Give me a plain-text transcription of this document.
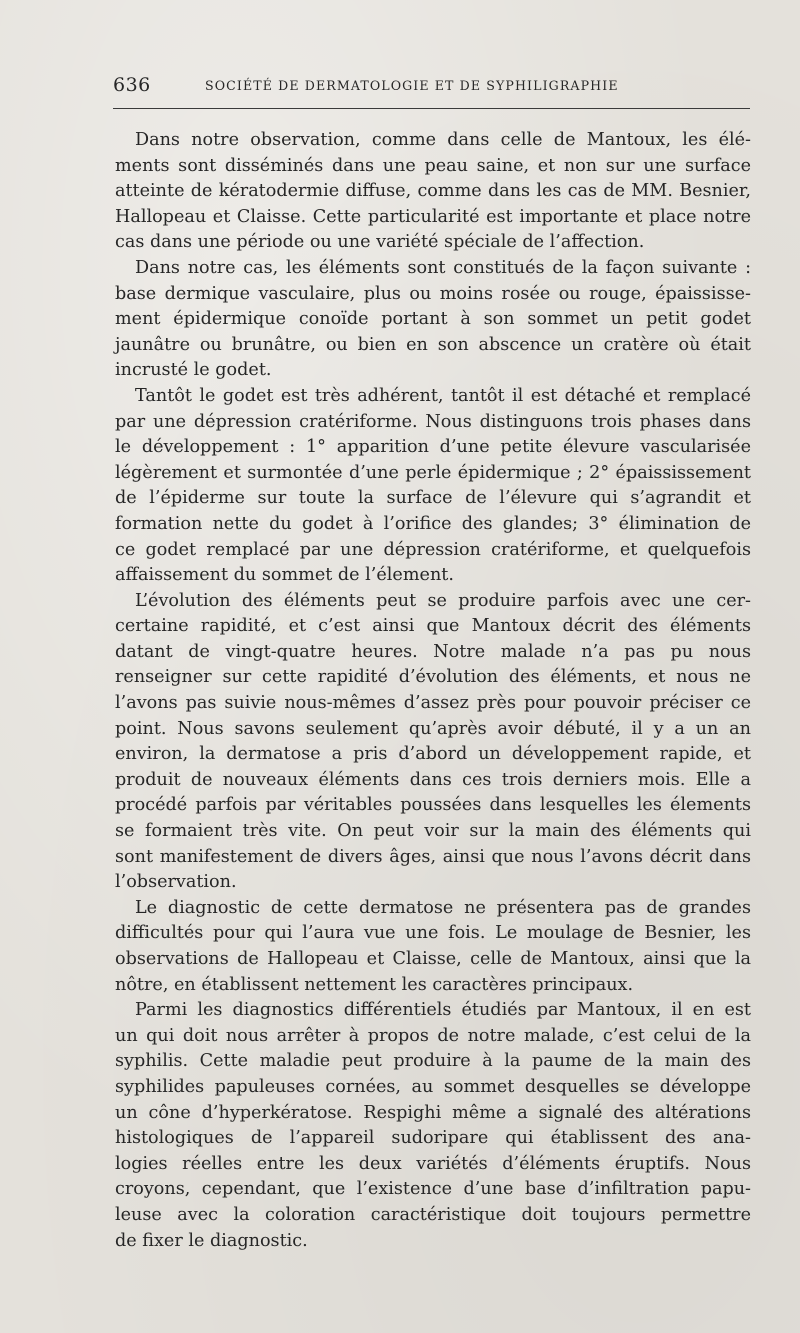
636	SOCIÉTÉ DE DERMATOLOGIE ET DE SYPHILIGRAPHIE
Dans notre observation, comme dans celle de Mantoux, les élé-
ments sont disséminés dans une peau saine, et non sur une surface
atteinte de kératodermie diffuse, comme dans les cas de MM. Besnier,
Hallopeau et Claisse. Cette particularité est importante et place notre
cas dans une période ou une variété spéciale de l’affection.
Dans notre cas, les éléments sont constitués de la façon suivante :
base dermique vasculaire, plus ou moins rosée ou rouge, épaississe-
ment épidermique conoïde portant à son sommet un petit godet
jaunâtre ou brunâtre, ou bien en son abscence un cratère où était
incrusté le godet.
Tantôt le godet est très adhérent, tantôt il est détaché et remplacé
par une dépression cratériforme. Nous distinguons trois phases dans
le développement : 1° apparition d’une petite élevure vascularisée
légèrement et surmontée d’une perle épidermique ; 2° épaississement
de l’épiderme sur toute la surface de l’élevure qui s’agrandit et
formation nette du godet à l’orifice des glandes; 3° élimination de
ce godet remplacé par une dépression cratériforme, et quelquefois
affaissement du sommet de l’élement.
L’évolution des éléments peut se produire parfois avec une cer-
certaine rapidité, et c’est ainsi que Mantoux décrit des éléments
datant de vingt-quatre heures. Notre malade n’a pas pu nous
renseigner sur cette rapidité d’évolution des éléments, et nous ne
l’avons pas suivie nous-mêmes d’assez près pour pouvoir préciser ce
point. Nous savons seulement qu’après avoir débuté, il y a un an
environ, la dermatose a pris d’abord un développement rapide, et
produit de nouveaux éléments dans ces trois derniers mois. Elle a
procédé parfois par véritables poussées dans lesquelles les élements
se formaient très vite. On peut voir sur la main des éléments qui
sont manifestement de divers âges, ainsi que nous l’avons décrit dans
l’observation.
Le diagnostic de cette dermatose ne présentera pas de grandes
difficultés pour qui l’aura vue une fois. Le moulage de Besnier, les
observations de Hallopeau et Claisse, celle de Mantoux, ainsi que la
nôtre, en établissent nettement les caractères principaux.
Parmi les diagnostics différentiels étudiés par Mantoux, il en est
un qui doit nous arrêter à propos de notre malade, c’est celui de la
syphilis. Cette maladie peut produire à la paume de la main des
syphilides papuleuses cornées, au sommet desquelles se développe
un cône d’hyperkératose. Respighi même a signalé des altérations
histologiques de l’appareil sudoripare qui établissent des ana-
logies réelles entre les deux variétés d’éléments éruptifs. Nous
croyons, cependant, que l’existence d’une base d’infiltration papu-
leuse avec la coloration caractéristique doit toujours permettre
de fixer le diagnostic.
